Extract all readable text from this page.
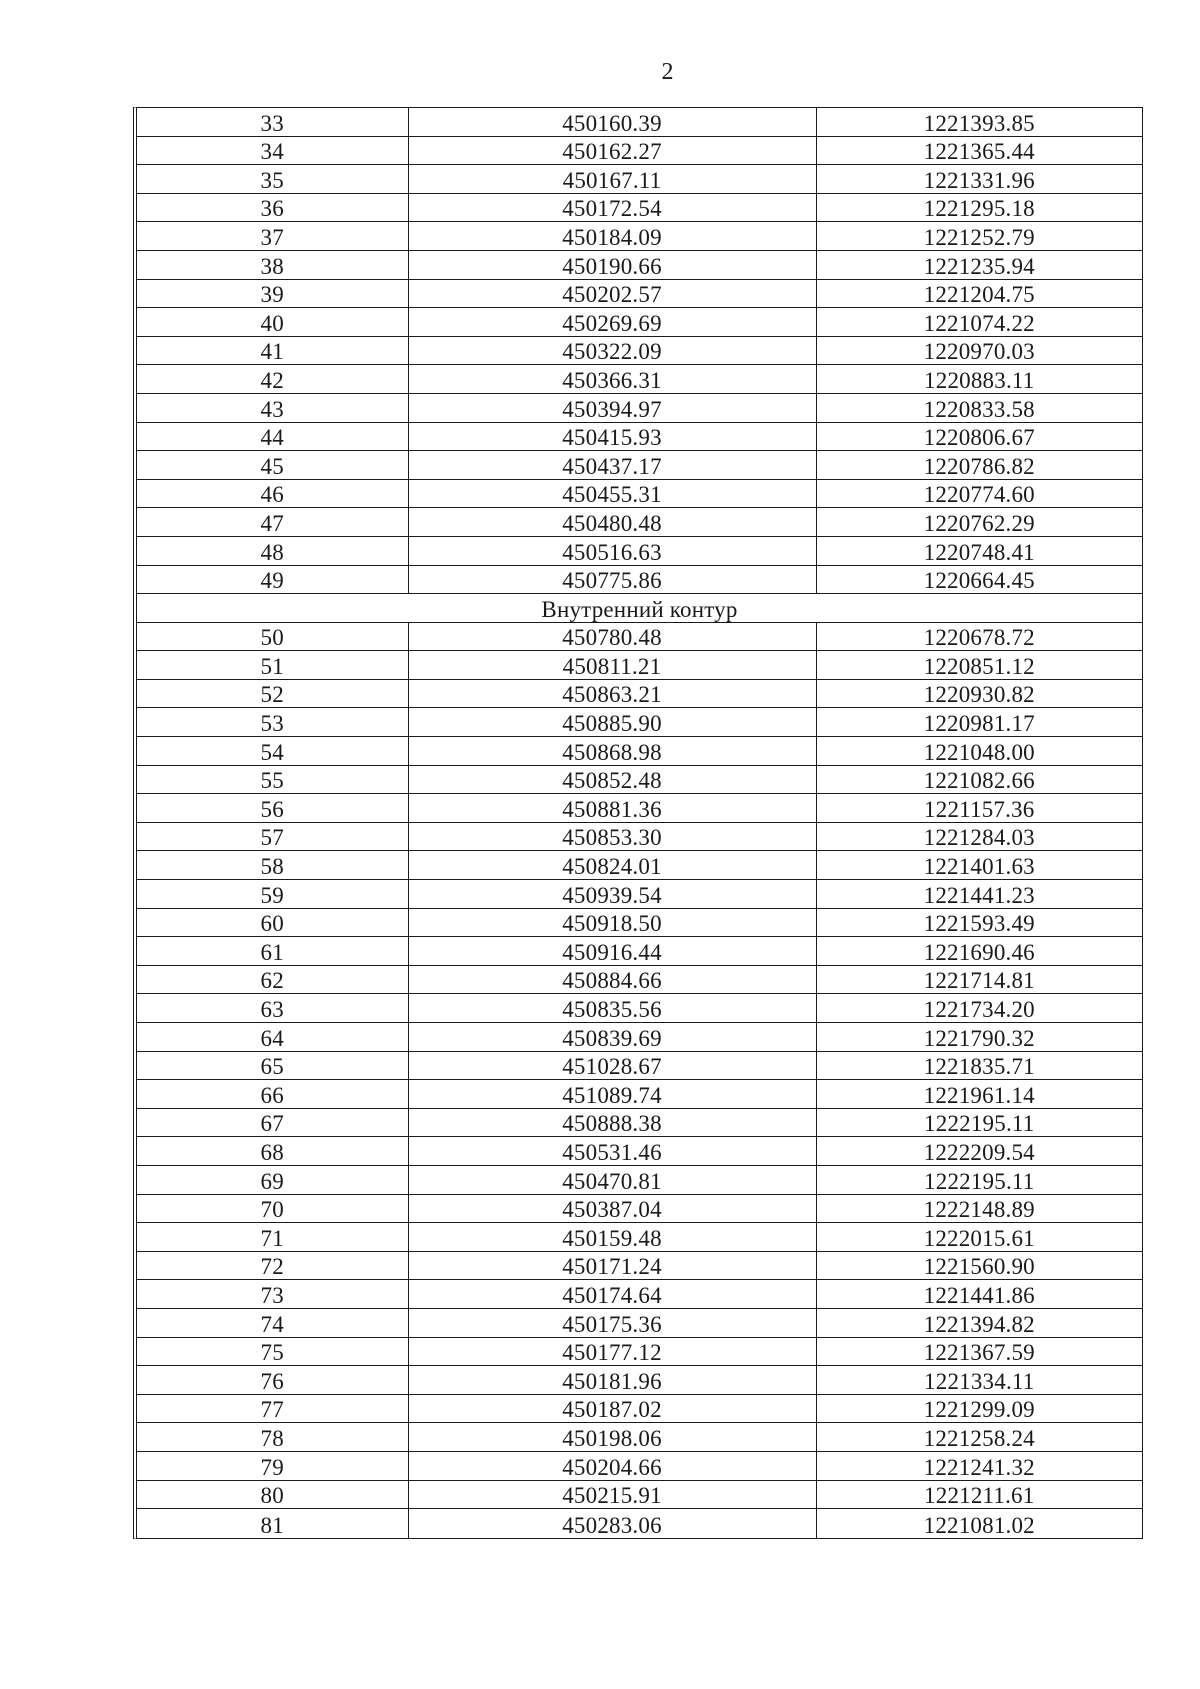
2
33	450160.39	1221393.85
34	450162.27	1221365.44
35	450167.11	1221331.96
36	450172.54	1221295.18
37	450184.09	1221252.79
38	450190.66	1221235.94
39	450202.57	1221204.75
40	450269.69	1221074.22
41	450322.09	1220970.03
42	450366.31	1220883.11
43	450394.97	1220833.58
44	450415.93	1220806.67
45	450437.17	1220786.82
46	450455.31	1220774.60
47	450480.48	1220762.29
48	450516.63	1220748.41
49	450775.86	1220664.45
Внутренний контур		
50	450780.48	1220678.72
51	450811.21	1220851.12
52	450863.21	1220930.82
53	450885.90	1220981.17
54	450868.98	1221048.00
55	450852.48	1221082.66
56	450881.36	1221157.36
57	450853.30	1221284.03
58	450824.01	1221401.63
59	450939.54	1221441.23
60	450918.50	1221593.49
61	450916.44	1221690.46
62	450884.66	1221714.81
63	450835.56	1221734.20
64	450839.69	1221790.32
65	451028.67	1221835.71
66	451089.74	1221961.14
67	450888.38	1222195.11
68	450531.46	1222209.54
69	450470.81	1222195.11
70	450387.04	1222148.89
71	450159.48	1222015.61
72	450171.24	1221560.90
73	450174.64	1221441.86
74	450175.36	1221394.82
75	450177.12	1221367.59
76	450181.96	1221334.11
77	450187.02	1221299.09
78	450198.06	1221258.24
79	450204.66	1221241.32
80	450215.91	1221211.61
81	450283.06	1221081.02
